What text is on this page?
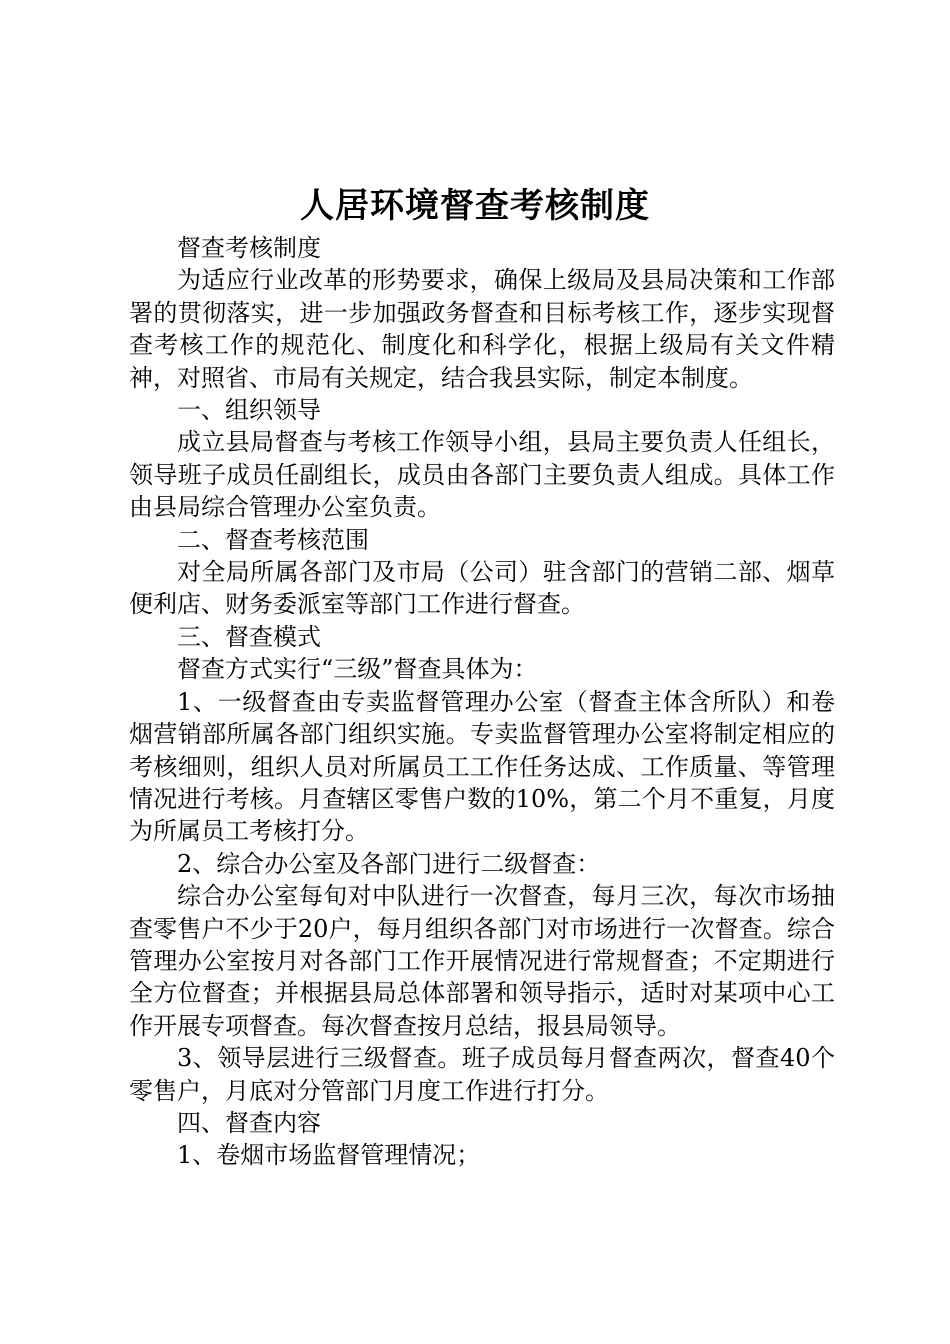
人居环境督查考核制度

督查考核制度

为适应行业改革的形势要求，确保上级局及县局决策和工作部署的贯彻落实，进一步加强政务督查和目标考核工作，逐步实现督查考核工作的规范化、制度化和科学化，根据上级局有关文件精神，对照省、市局有关规定，结合我县实际，制定本制度。

一、组织领导

成立县局督查与考核工作领导小组，县局主要负责人任组长，领导班子成员任副组长，成员由各部门主要负责人组成。具体工作由县局综合管理办公室负责。

二、督查考核范围

对全局所属各部门及市局（公司）驻含部门的营销二部、烟草便利店、财务委派室等部门工作进行督查。

三、督查模式

督查方式实行“三级”督查具体为：

1、一级督查由专卖监督管理办公室（督查主体含所队）和卷烟营销部所属各部门组织实施。专卖监督管理办公室将制定相应的考核细则，组织人员对所属员工工作任务达成、工作质量、等管理情况进行考核。月查辖区零售户数的10%，第二个月不重复，月度为所属员工考核打分。

2、综合办公室及各部门进行二级督查：

综合办公室每旬对中队进行一次督查，每月三次，每次市场抽查零售户不少于20户，每月组织各部门对市场进行一次督查。综合管理办公室按月对各部门工作开展情况进行常规督查；不定期进行全方位督查；并根据县局总体部署和领导指示，适时对某项中心工作开展专项督查。每次督查按月总结，报县局领导。

3、领导层进行三级督查。班子成员每月督查两次，督查40个零售户，月底对分管部门月度工作进行打分。

四、督查内容

1、卷烟市场监督管理情况；
